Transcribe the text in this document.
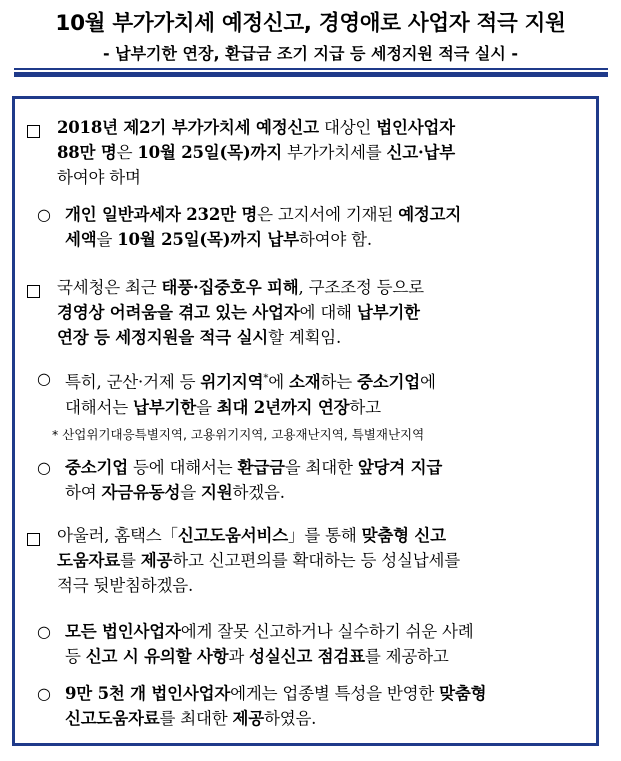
10월 부가가치세 예정신고, 경영애로 사업자 적극 지원
- 납부기한 연장, 환급금 조기 지급 등 세정지원 적극 실시 -
2018년 제2기 부가가치세 예정신고 대상인 법인사업자
88만 명은 10월 25일(목)까지 부가가치세를 신고·납부
하여야 하며
○ 개인 일반과세자 232만 명은 고지서에 기재된 예정고지
세액을 10월 25일(목)까지 납부하여야 함.
국세청은 최근 태풍·집중호우 피해, 구조조정 등으로
경영상 어려움을 겪고 있는 사업자에 대해 납부기한
연장 등 세정지원을 적극 실시할 계획임.
○ 특히, 군산·거제 등 위기지역*에 소재하는 중소기업에
대해서는 납부기한을 최대 2년까지 연장하고
* 산업위기대응특별지역, 고용위기지역, 고용재난지역, 특별재난지역
○ 중소기업 등에 대해서는 환급금을 최대한 앞당겨 지급
하여 자금유동성을 지원하겠음.
아울러, 홈택스「신고도움서비스」를 통해 맞춤형 신고
도움자료를 제공하고 신고편의를 확대하는 등 성실납세를
적극 뒷받침하겠음.
○ 모든 법인사업자에게 잘못 신고하거나 실수하기 쉬운 사례
등 신고 시 유의할 사항과 성실신고 점검표를 제공하고
○ 9만 5천 개 법인사업자에게는 업종별 특성을 반영한 맞춤형
신고도움자료를 최대한 제공하였음.
